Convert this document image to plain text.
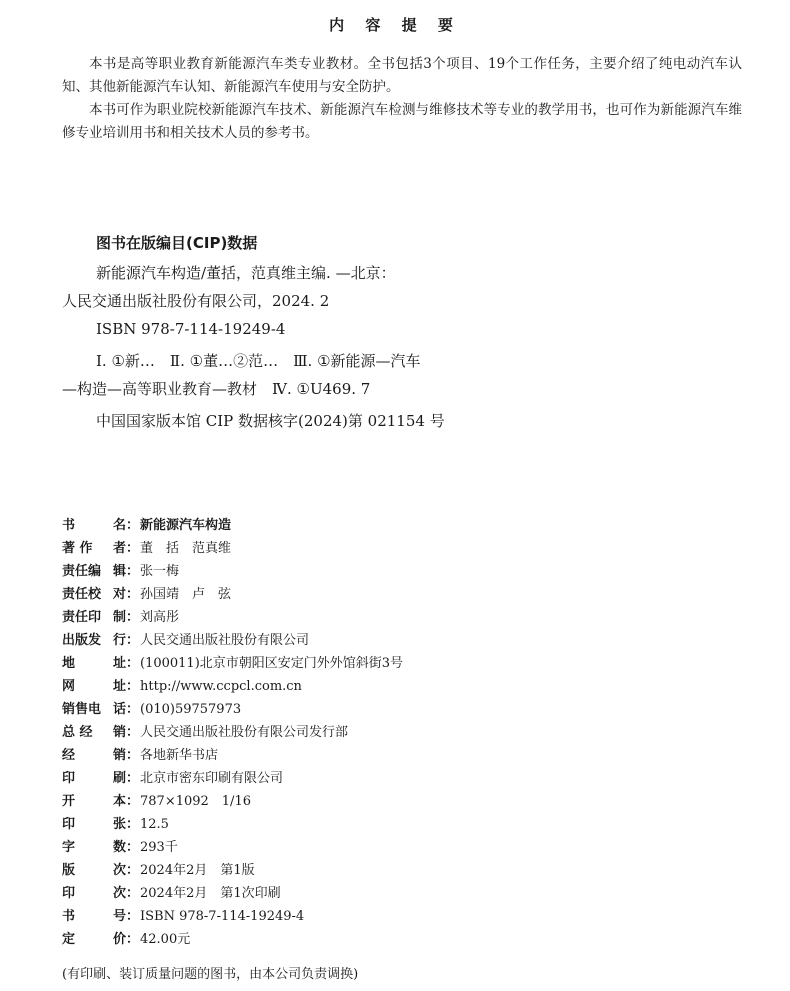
内 容 提 要

本书是高等职业教育新能源汽车类专业教材。全书包括3个项目、19个工作任务，主要介绍了纯电动汽车认知、其他新能源汽车认知、新能源汽车使用与安全防护。

本书可作为职业院校新能源汽车技术、新能源汽车检测与维修技术等专业的教学用书，也可作为新能源汽车维修专业培训用书和相关技术人员的参考书。

图书在版编目(CIP)数据
新能源汽车构造/董括，范真维主编. —北京：
人民交通出版社股份有限公司，2024. 2
ISBN 978-7-114-19249-4
Ⅰ. ①新…　Ⅱ. ①董…②范…　Ⅲ. ①新能源—汽车
—构造—高等职业教育—教材　Ⅳ. ①U469. 7
中国国家版本馆 CIP 数据核字(2024)第 021154 号
书	名 ： 新能源汽车构造
著 作 者 ： 董　括　范真维
责任编 辑 ： 张一梅
责任校 对 ： 孙国靖　卢　弦
责任印 制 ： 刘高彤
出版发 行 ： 人民交通出版社股份有限公司
地	址 ： (100011)北京市朝阳区安定门外外馆斜街3号
网	址 ： http://www.ccpcl.com.cn
销售电 话 ： (010)59757973
总 经 销 ： 人民交通出版社股份有限公司发行部
经	销 ： 各地新华书店
印	刷 ： 北京市密东印刷有限公司
开	本 ： 787×1092　1/16
印	张 ： 12.5
字	数 ： 293千
版	次 ： 2024年2月　第1版
印	次 ： 2024年2月　第1次印刷
书	号 ： ISBN 978-7-114-19249-4
定	价 ： 42.00元
(有印刷、装订质量问题的图书，由本公司负责调换)
